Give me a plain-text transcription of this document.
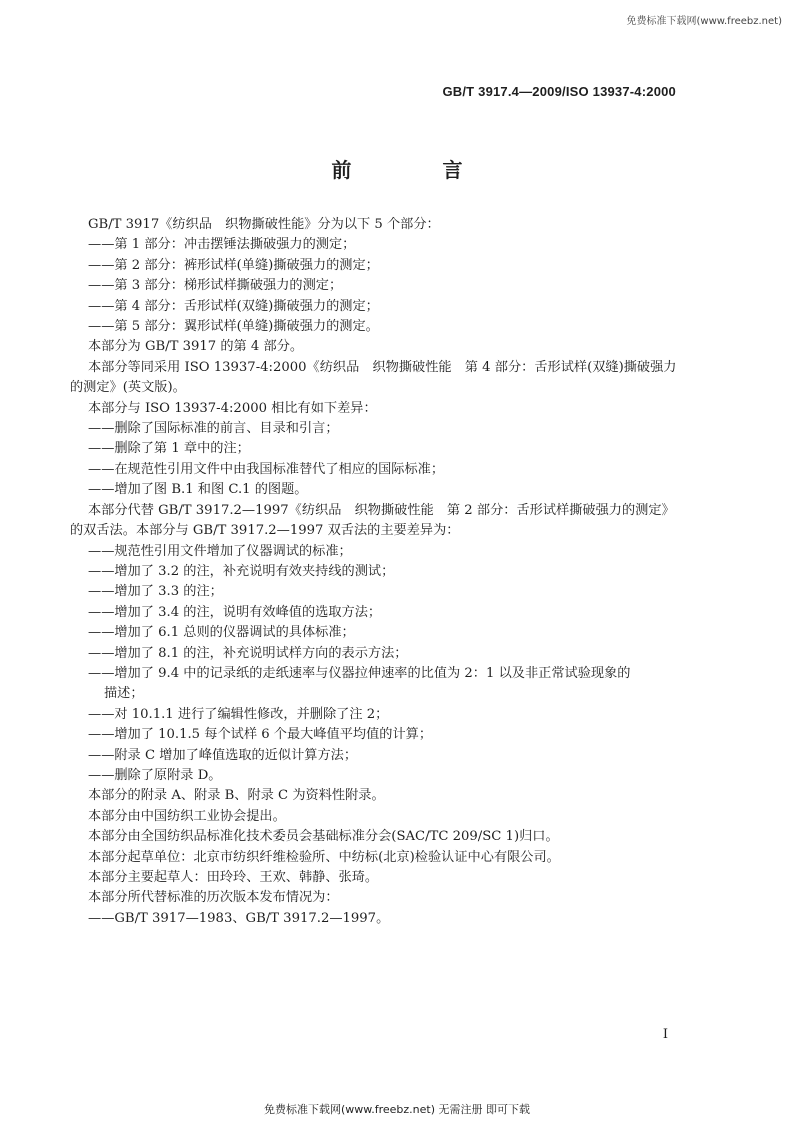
免费标准下载网(www.freebz.net)
GB/T 3917.4—2009/ISO 13937-4:2000
前 言

GB/T 3917《纺织品　织物撕破性能》分为以下 5 个部分：

——第 1 部分：冲击摆锤法撕破强力的测定；

——第 2 部分：裤形试样(单缝)撕破强力的测定；

——第 3 部分：梯形试样撕破强力的测定；

——第 4 部分：舌形试样(双缝)撕破强力的测定；

——第 5 部分：翼形试样(单缝)撕破强力的测定。

本部分为 GB/T 3917 的第 4 部分。

本部分等同采用 ISO 13937-4:2000《纺织品　织物撕破性能　第 4 部分：舌形试样(双缝)撕破强力

的测定》(英文版)。

本部分与 ISO 13937-4:2000 相比有如下差异：

——删除了国际标准的前言、目录和引言；

——删除了第 1 章中的注；

——在规范性引用文件中由我国标准替代了相应的国际标准；

——增加了图 B.1 和图 C.1 的图题。

本部分代替 GB/T 3917.2—1997《纺织品　织物撕破性能　第 2 部分：舌形试样撕破强力的测定》

的双舌法。本部分与 GB/T 3917.2—1997 双舌法的主要差异为：

——规范性引用文件增加了仪器调试的标准；

——增加了 3.2 的注，补充说明有效夹持线的测试；

——增加了 3.3 的注；

——增加了 3.4 的注，说明有效峰值的选取方法；

——增加了 6.1 总则的仪器调试的具体标准；

——增加了 8.1 的注，补充说明试样方向的表示方法；

——增加了 9.4 中的记录纸的走纸速率与仪器拉伸速率的比值为 2：1 以及非正常试验现象的

描述；

——对 10.1.1 进行了编辑性修改，并删除了注 2；

——增加了 10.1.5 每个试样 6 个最大峰值平均值的计算；

——附录 C 增加了峰值选取的近似计算方法；

——删除了原附录 D。

本部分的附录 A、附录 B、附录 C 为资料性附录。

本部分由中国纺织工业协会提出。

本部分由全国纺织品标准化技术委员会基础标准分会(SAC/TC 209/SC 1)归口。

本部分起草单位：北京市纺织纤维检验所、中纺标(北京)检验认证中心有限公司。

本部分主要起草人：田玲玲、王欢、韩静、张琦。

本部分所代替标准的历次版本发布情况为：

——GB/T 3917—1983、GB/T 3917.2—1997。

I
免费标准下载网(www.freebz.net) 无需注册 即可下载
